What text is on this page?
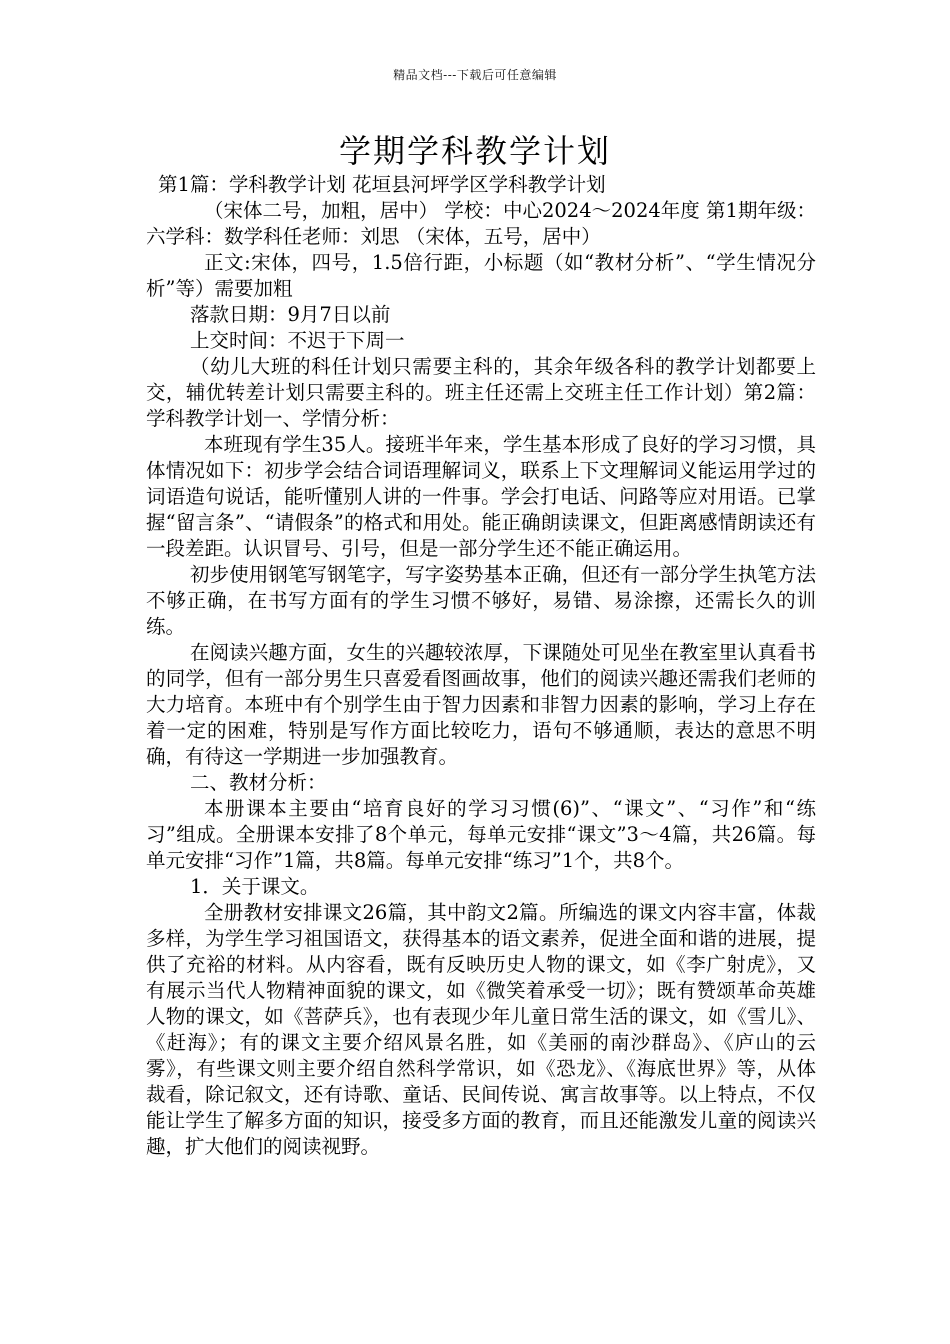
精品文档---下载后可任意编辑
学期学科教学计划

第1篇：学科教学计划 花垣县河坪学区学科教学计划

（宋体二号，加粗，居中） 学校：中心2024～2024年度 第1期年级：六学科：数学科任老师：刘思 （宋体，五号，居中）

正文:宋体，四号，1.5倍行距，小标题（如“教材分析”、“学生情况分析”等）需要加粗

落款日期：9月7日以前

上交时间：不迟于下周一

（幼儿大班的科任计划只需要主科的，其余年级各科的教学计划都要上交，辅优转差计划只需要主科的。班主任还需上交班主任工作计划）第2篇：学科教学计划一、学情分析：

本班现有学生35人。接班半年来，学生基本形成了良好的学习习惯，具体情况如下：初步学会结合词语理解词义，联系上下文理解词义能运用学过的词语造句说话，能听懂别人讲的一件事。学会打电话、问路等应对用语。已掌握“留言条”、“请假条”的格式和用处。能正确朗读课文，但距离感情朗读还有一段差距。认识冒号、引号，但是一部分学生还不能正确运用。

初步使用钢笔写钢笔字，写字姿势基本正确，但还有一部分学生执笔方法不够正确，在书写方面有的学生习惯不够好，易错、易涂擦，还需长久的训练。

在阅读兴趣方面，女生的兴趣较浓厚，下课随处可见坐在教室里认真看书的同学，但有一部分男生只喜爱看图画故事，他们的阅读兴趣还需我们老师的大力培育。本班中有个别学生由于智力因素和非智力因素的影响，学习上存在着一定的困难，特别是写作方面比较吃力，语句不够通顺，表达的意思不明确，有待这一学期进一步加强教育。

二、教材分析：

本册课本主要由“培育良好的学习习惯(6)”、“课文”、“习作”和“练习”组成。全册课本安排了8个单元，每单元安排“课文”3～4篇，共26篇。每单元安排“习作”1篇，共8篇。每单元安排“练习”1个，共8个。

1．关于课文。

全册教材安排课文26篇，其中韵文2篇。所编选的课文内容丰富，体裁多样，为学生学习祖国语文，获得基本的语文素养，促进全面和谐的进展，提供了充裕的材料。从内容看，既有反映历史人物的课文，如《李广射虎》，又有展示当代人物精神面貌的课文，如《微笑着承受一切》；既有赞颂革命英雄人物的课文，如《菩萨兵》，也有表现少年儿童日常生活的课文，如《雪儿》、《赶海》；有的课文主要介绍风景名胜，如《美丽的南沙群岛》、《庐山的云雾》，有些课文则主要介绍自然科学常识，如《恐龙》、《海底世界》等，从体裁看，除记叙文，还有诗歌、童话、民间传说、寓言故事等。以上特点，不仅能让学生了解多方面的知识，接受多方面的教育，而且还能激发儿童的阅读兴趣，扩大他们的阅读视野。
